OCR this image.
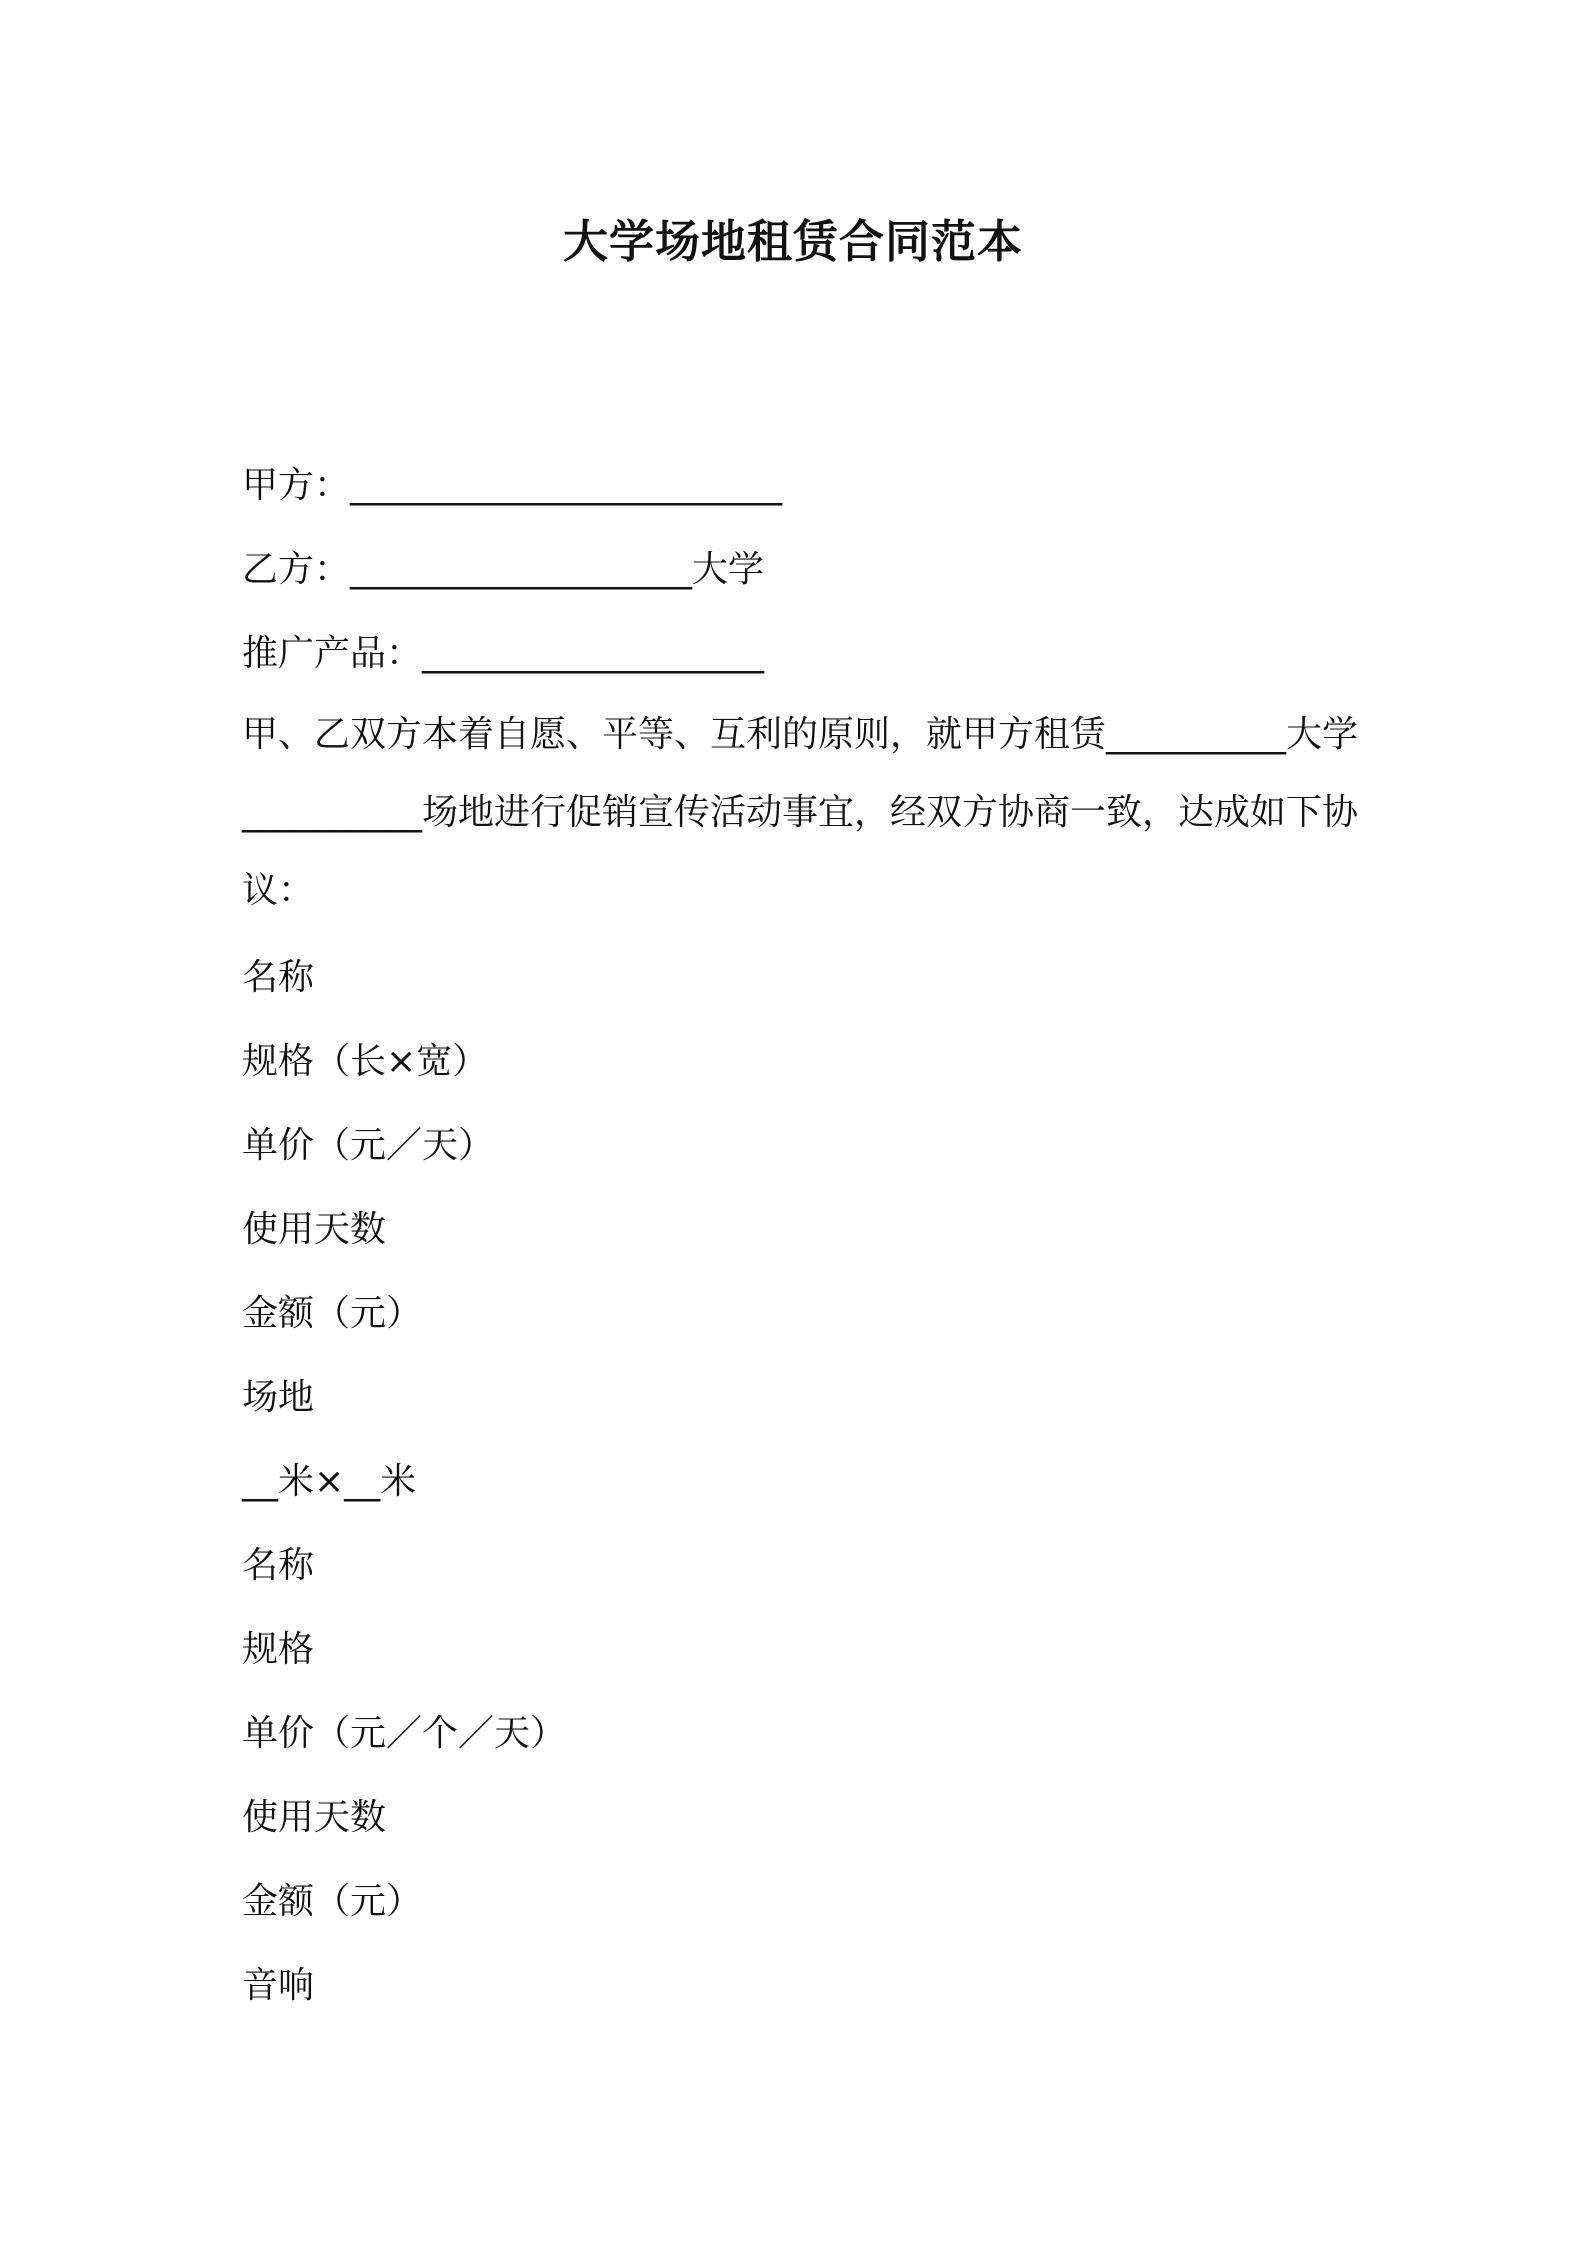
大学场地租赁合同范本
甲方：________________________
乙方：___________________大学
推广产品：___________________
甲、乙双方本着自愿、平等、互利的原则，就甲方租赁__________大学__________场地进行促销宣传活动事宜，经双方协商一致，达成如下协议：
名称
规格（长×宽）
单价（元／天）
使用天数
金额（元）
场地
__米×__米
名称
规格
单价（元／个／天）
使用天数
金额（元）
音响
